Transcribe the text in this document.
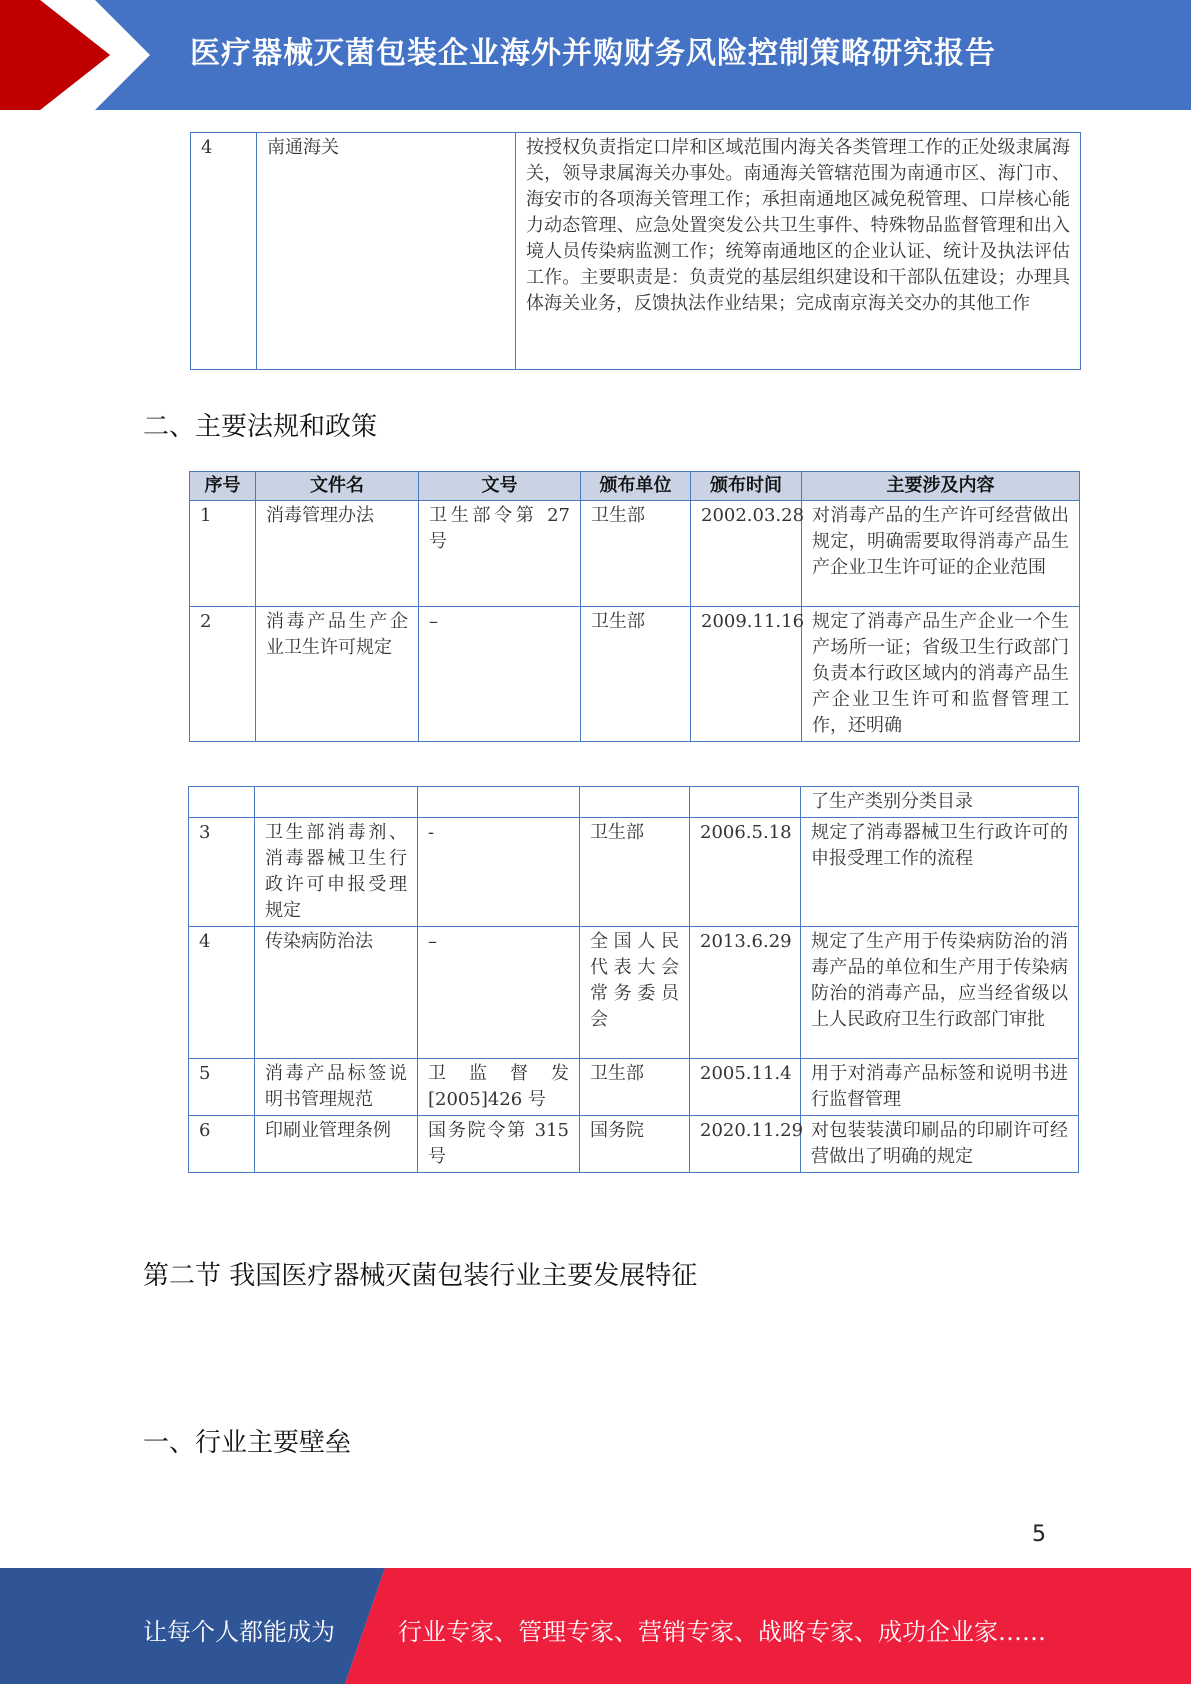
医疗器械灭菌包装企业海外并购财务风险控制策略研究报告
4	南通海关	按授权负责指定口岸和区域范围内海关各类管理工作的正处级隶属海关，领导隶属海关办事处。南通海关管辖范围为南通市区、海门市、海安市的各项海关管理工作；承担南通地区减免税管理、口岸核心能力动态管理、应急处置突发公共卫生事件、特殊物品监督管理和出入境人员传染病监测工作；统筹南通地区的企业认证、统计及执法评估工作。主要职责是：负责党的基层组织建设和干部队伍建设；办理具体海关业务，反馈执法作业结果；完成南京海关交办的其他工作
二、主要法规和政策
序号	文件名	文号	颁布单位	颁布时间	主要涉及内容
1	消毒管理办法	卫生部令第 27 号	卫生部	2002.03.28	对消毒产品的生产许可经营做出规定，明确需要取得消毒产品生产企业卫生许可证的企业范围
2	消毒产品生产企业卫生许可规定	–	卫生部	2009.11.16	规定了消毒产品生产企业一个生产场所一证；省级卫生行政部门负责本行政区域内的消毒产品生产企业卫生许可和监督管理工作，还明确
					了生产类别分类目录
3	卫生部消毒剂、消毒器械卫生行政许可申报受理规定	-	卫生部	2006.5.18	规定了消毒器械卫生行政许可的申报受理工作的流程
4	传染病防治法	–	全国人民代表大会常务委员会	2013.6.29	规定了生产用于传染病防治的消毒产品的单位和生产用于传染病防治的消毒产品，应当经省级以上人民政府卫生行政部门审批
5	消毒产品标签说明书管理规范	卫 监 督 发 [2005]426 号	卫生部	2005.11.4	用于对消毒产品标签和说明书进行监督管理
6	印刷业管理条例	国务院令第 315 号	国务院	2020.11.29	对包装装潢印刷品的印刷许可经营做出了明确的规定
第二节 我国医疗器械灭菌包装行业主要发展特征
一、行业主要壁垒
5
让每个人都能成为	行业专家、管理专家、营销专家、战略专家、成功企业家……
